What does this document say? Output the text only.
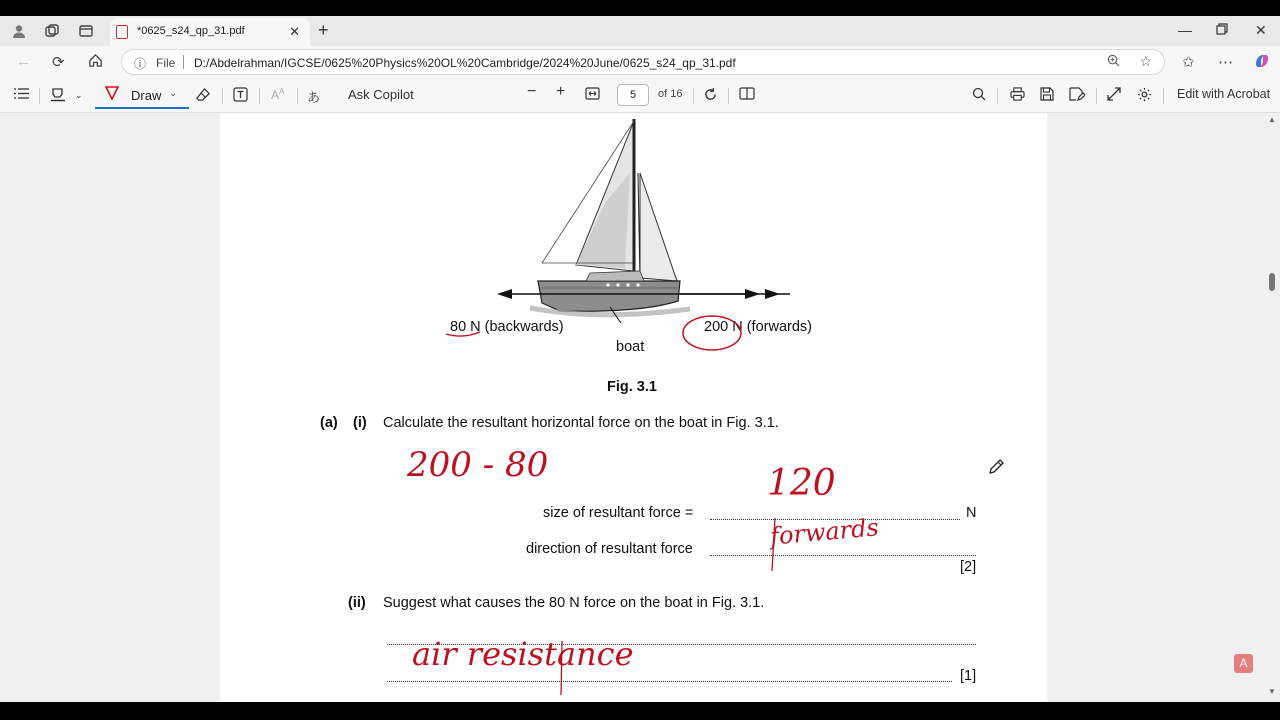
*0625_s24_qp_31.pdf	✕ +	—	✕
← ⟳	ⓘ File D:/Abdelrahman/IGCSE/0625%20Physics%20OL%20Cambridge/2024%20June/0625_s24_qp_31.pdf	☆ ✩ ⋯
⌄	Draw ⌄	$A^A$ あ Ask Copilot	− +	5	of 16	Edit with Acrobat
80 N (backwards)	200 N (forwards)
boat
Fig. 3.1
(a) (i) Calculate the resultant horizontal force on the boat in Fig. 3.1.
200 - 80
size of resultant force =	N
120
direction of resultant force	forwards
[2]
(ii) Suggest what causes the 80 N force on the boat in Fig. 3.1.
air resistance
[1]
A
▲
▼
